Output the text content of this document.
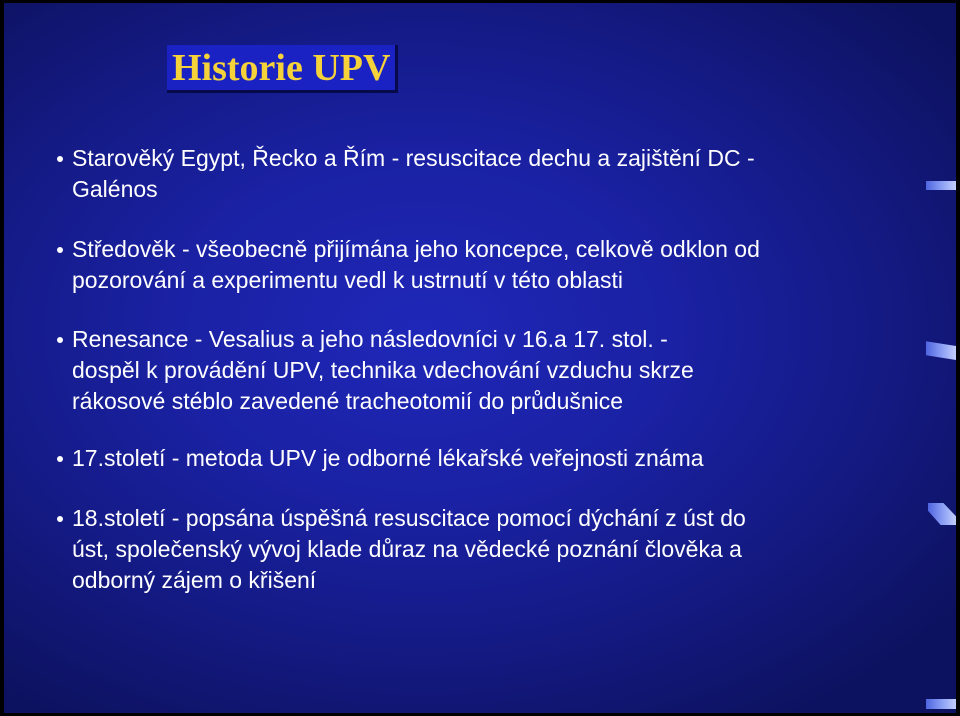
Historie UPV
Starověký Egypt, Řecko a Řím - resuscitace dechu a zajištění DC -
Galénos
Středověk - všeobecně přijímána jeho koncepce, celkově odklon od
pozorování a experimentu vedl k ustrnutí v této oblasti
Renesance - Vesalius a jeho následovníci v 16.a 17. stol. -
dospěl k provádění UPV, technika vdechování vzduchu skrze
rákosové stéblo zavedené tracheotomií do průdušnice
17.století - metoda UPV je odborné lékařské veřejnosti známa
18.století - popsána úspěšná resuscitace pomocí dýchání z úst do
úst, společenský vývoj klade důraz na vědecké poznání člověka a
odborný zájem o křišení
